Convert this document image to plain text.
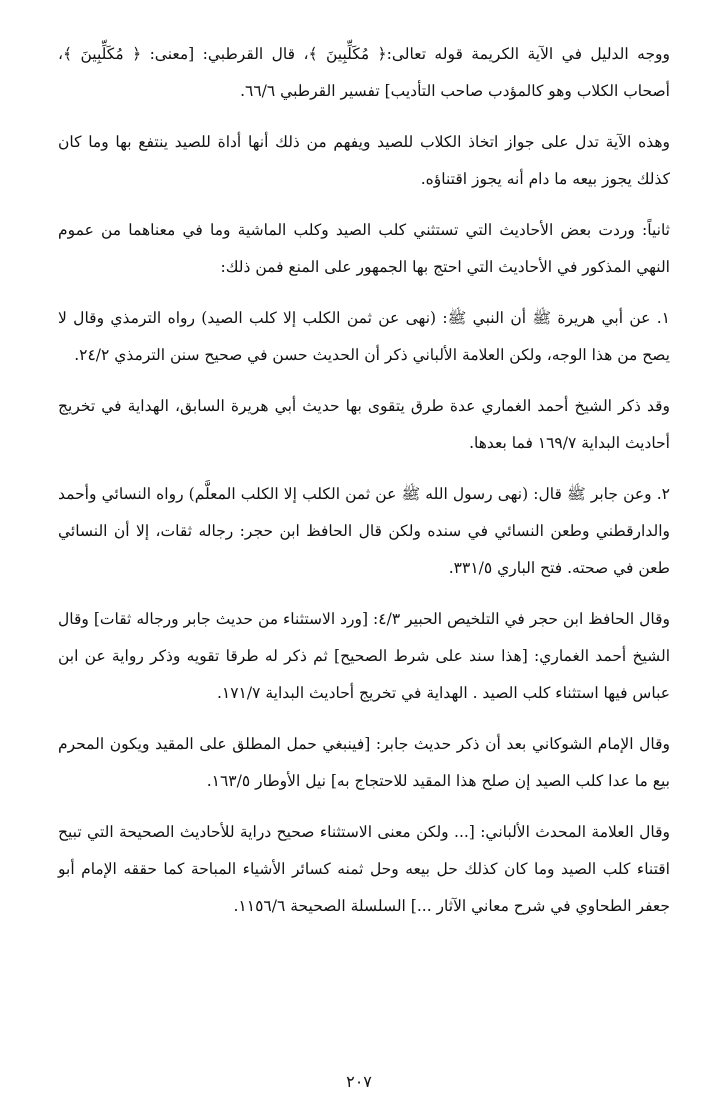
ووجه الدليل في الآية الكريمة قوله تعالى:﴿ مُكَلِّبِينَ ﴾، قال القرطبي: [معنى: ﴿ مُكَلِّبِينَ ﴾، أصحاب الكلاب وهو كالمؤدب صاحب التأديب] تفسير القرطبي ٦٦/٦.

وهذه الآية تدل على جواز اتخاذ الكلاب للصيد ويفهم من ذلك أنها أداة للصيد ينتفع بها وما كان كذلك يجوز بيعه ما دام أنه يجوز اقتناؤه.

ثانياً: وردت بعض الأحاديث التي تستثني كلب الصيد وكلب الماشية وما في معناهما من عموم النهي المذكور في الأحاديث التي احتج بها الجمهور على المنع فمن ذلك:

١. عن أبي هريرة ﷺ أن النبي ﷺ: (نهى عن ثمن الكلب إلا كلب الصيد) رواه الترمذي وقال لا يصح من هذا الوجه، ولكن العلامة الألباني ذكر أن الحديث حسن في صحيح سنن الترمذي ٢٤/٢.

وقد ذكر الشيخ أحمد الغماري عدة طرق يتقوى بها حديث أبي هريرة السابق، الهداية في تخريج أحاديث البداية ١٦٩/٧ فما بعدها.

٢. وعن جابر ﷺ قال: (نهى رسول الله ﷺ عن ثمن الكلب إلا الكلب المعلَّم) رواه النسائي وأحمد والدارقطني وطعن النسائي في سنده ولكن قال الحافظ ابن حجر: رجاله ثقات، إلا أن النسائي طعن في صحته. فتح الباري ٣٣١/٥.

وقال الحافظ ابن حجر في التلخيص الحبير ٤/٣: [ورد الاستثناء من حديث جابر ورجاله ثقات] وقال الشيخ أحمد الغماري: [هذا سند على شرط الصحيح] ثم ذكر له طرقا تقويه وذكر رواية عن ابن عباس فيها استثناء كلب الصيد . الهداية في تخريج أحاديث البداية ١٧١/٧.

وقال الإمام الشوكاني بعد أن ذكر حديث جابر: [فينبغي حمل المطلق على المقيد ويكون المحرم بيع ما عدا كلب الصيد إن صلح هذا المقيد للاحتجاج به] نيل الأوطار ١٦٣/٥.

وقال العلامة المحدث الألباني: [... ولكن معنى الاستثناء صحيح دراية للأحاديث الصحيحة التي تبيح اقتناء كلب الصيد وما كان كذلك حل بيعه وحل ثمنه كسائر الأشياء المباحة كما حققه الإمام أبو جعفر الطحاوي في شرح معاني الآثار ...] السلسلة الصحيحة ١١٥٦/٦.

٢٠٧
